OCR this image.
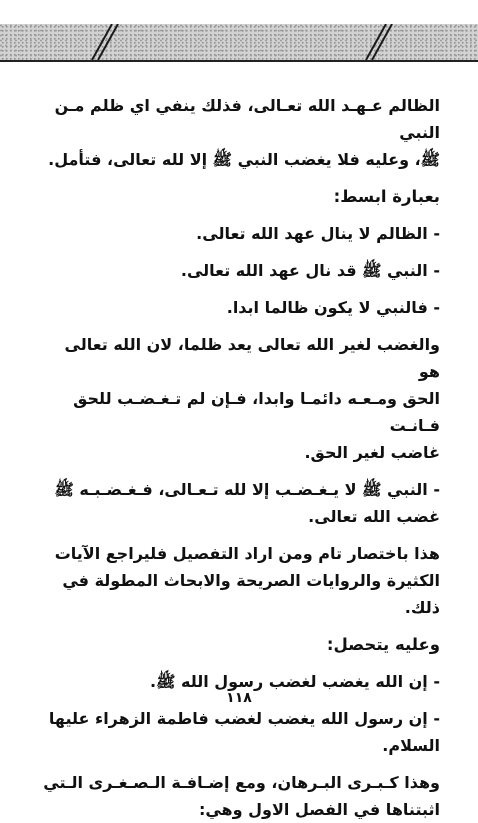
الظالم عـهـد الله تعـالى، فذلك ينفي اي ظلم مـن النبي

ﷺ، وعليه فلا يغضب النبي ﷺ إلا لله تعالى، فتأمل.

بعبارة ابسط:

- الظالم لا ينال عهد الله تعالى.

- النبي ﷺ قد نال عهد الله تعالى.

- فالنبي لا يكون ظالما ابدا.

والغضب لغير الله تعالى يعد ظلما، لان الله تعالى هو

الحق ومـعـه دائمـا وابدا، فـإن لم تـغـضـب للحق فـانـت

غاضب لغير الحق.

- النبي ﷺ لا يـغـضـب إلا لله تـعـالى، فـغـضـبـه ﷺ

غضب الله تعالى.

هذا باختصار تام ومن اراد التفصيل فليراجع الآيات

الكثيرة والروايات الصريحة والابحاث المطولة في ذلك.

وعليه يتحصل:

- إن الله يغضب لغضب رسول الله ﷺ.

- إن رسول الله يغضب لغضب فاطمة الزهراء عليها السلام.

وهذا كـبـرى البـرهان، ومع إضـافـة الـصـغـرى الـتي

اثبتناها في الفصل الاول وهي:

١١٨
